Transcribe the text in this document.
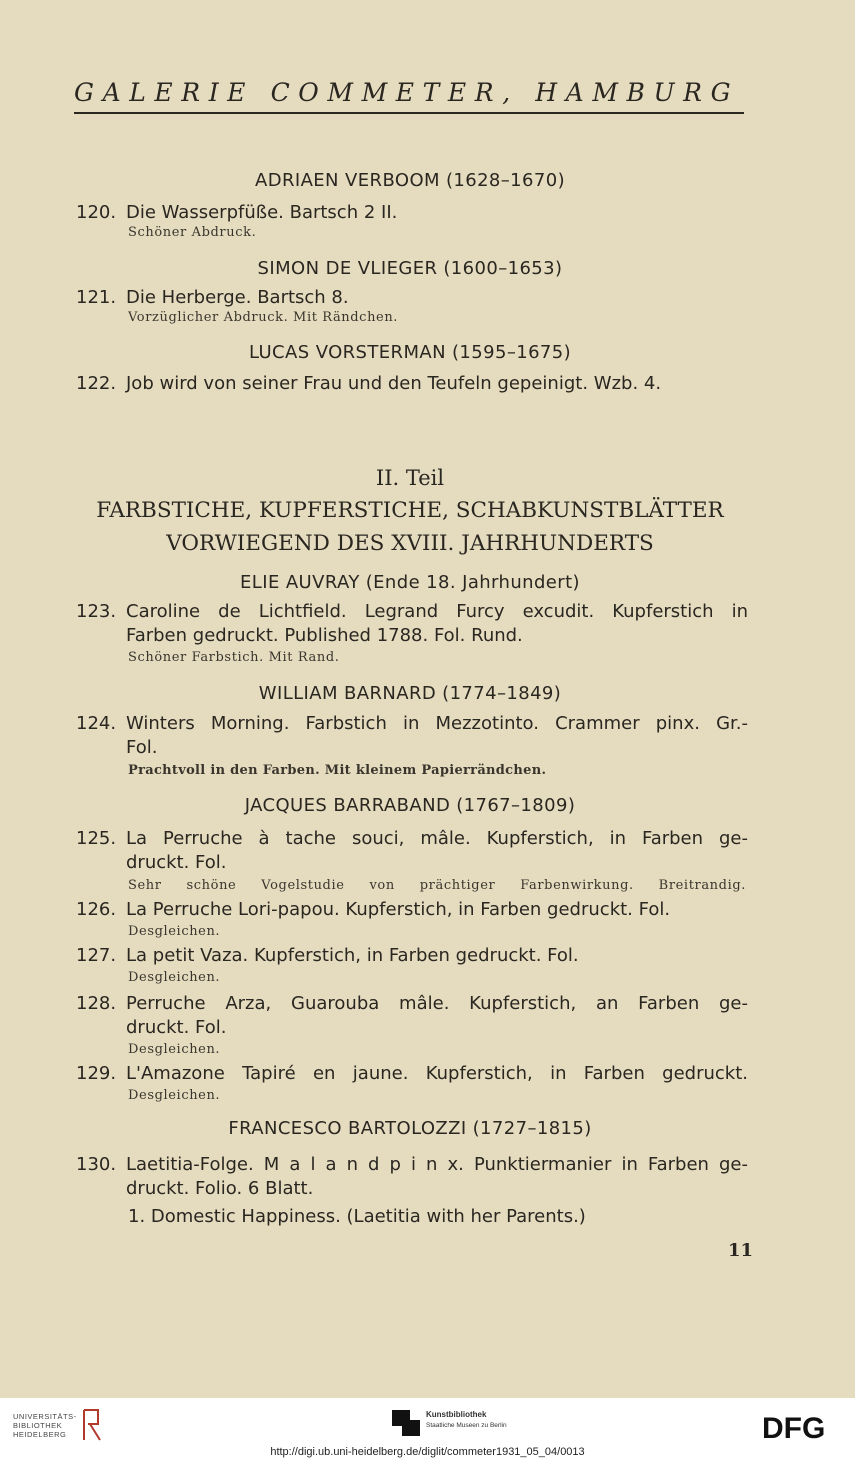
GALERIE COMMETER, HAMBURG
ADRIAEN VERBOOM (1628–1670)
120. Die Wasserpfüße. Bartsch 2 II.
Schöner Abdruck.
SIMON DE VLIEGER (1600–1653)
121. Die Herberge. Bartsch 8.
Vorzüglicher Abdruck. Mit Rändchen.
LUCAS VORSTERMAN (1595–1675)
122. Job wird von seiner Frau und den Teufeln gepeinigt. Wzb. 4.
II. Teil
FARBSTICHE, KUPFERSTICHE, SCHABKUNSTBLÄTTER
VORWIEGEND DES XVIII. JAHRHUNDERTS
ELIE AUVRAY (Ende 18. Jahrhundert)
123. Caroline de Lichtfield. Legrand Furcy excudit. Kupferstich in
Farben gedruckt. Published 1788. Fol. Rund.
Schöner Farbstich. Mit Rand.
WILLIAM BARNARD (1774–1849)
124. Winters Morning. Farbstich in Mezzotinto. Crammer pinx. Gr.-
Fol.
Prachtvoll in den Farben. Mit kleinem Papierrändchen.
JACQUES BARRABAND (1767–1809)
125. La Perruche à tache souci, mâle. Kupferstich, in Farben ge-
druckt. Fol.
Sehr schöne Vogelstudie von prächtiger Farbenwirkung. Breitrandig.
126. La Perruche Lori-papou. Kupferstich, in Farben gedruckt. Fol.
Desgleichen.
127. La petit Vaza. Kupferstich, in Farben gedruckt. Fol.
Desgleichen.
128. Perruche Arza, Guarouba mâle. Kupferstich, an Farben ge-
druckt. Fol.
Desgleichen.
129. L'Amazone Tapiré en jaune. Kupferstich, in Farben gedruckt.
Desgleichen.
FRANCESCO BARTOLOZZI (1727–1815)
130. Laetitia-Folge. M a l a n d p i n x. Punktiermanier in Farben ge-
druckt. Folio. 6 Blatt.
1. Domestic Happiness. (Laetitia with her Parents.)
11
UNIVERSITÄTS-
BIBLIOTHEK
HEIDELBERG
Kunstbibliothek
Staatliche Museen zu Berlin	DFG
http://digi.ub.uni-heidelberg.de/diglit/commeter1931_05_04/0013
